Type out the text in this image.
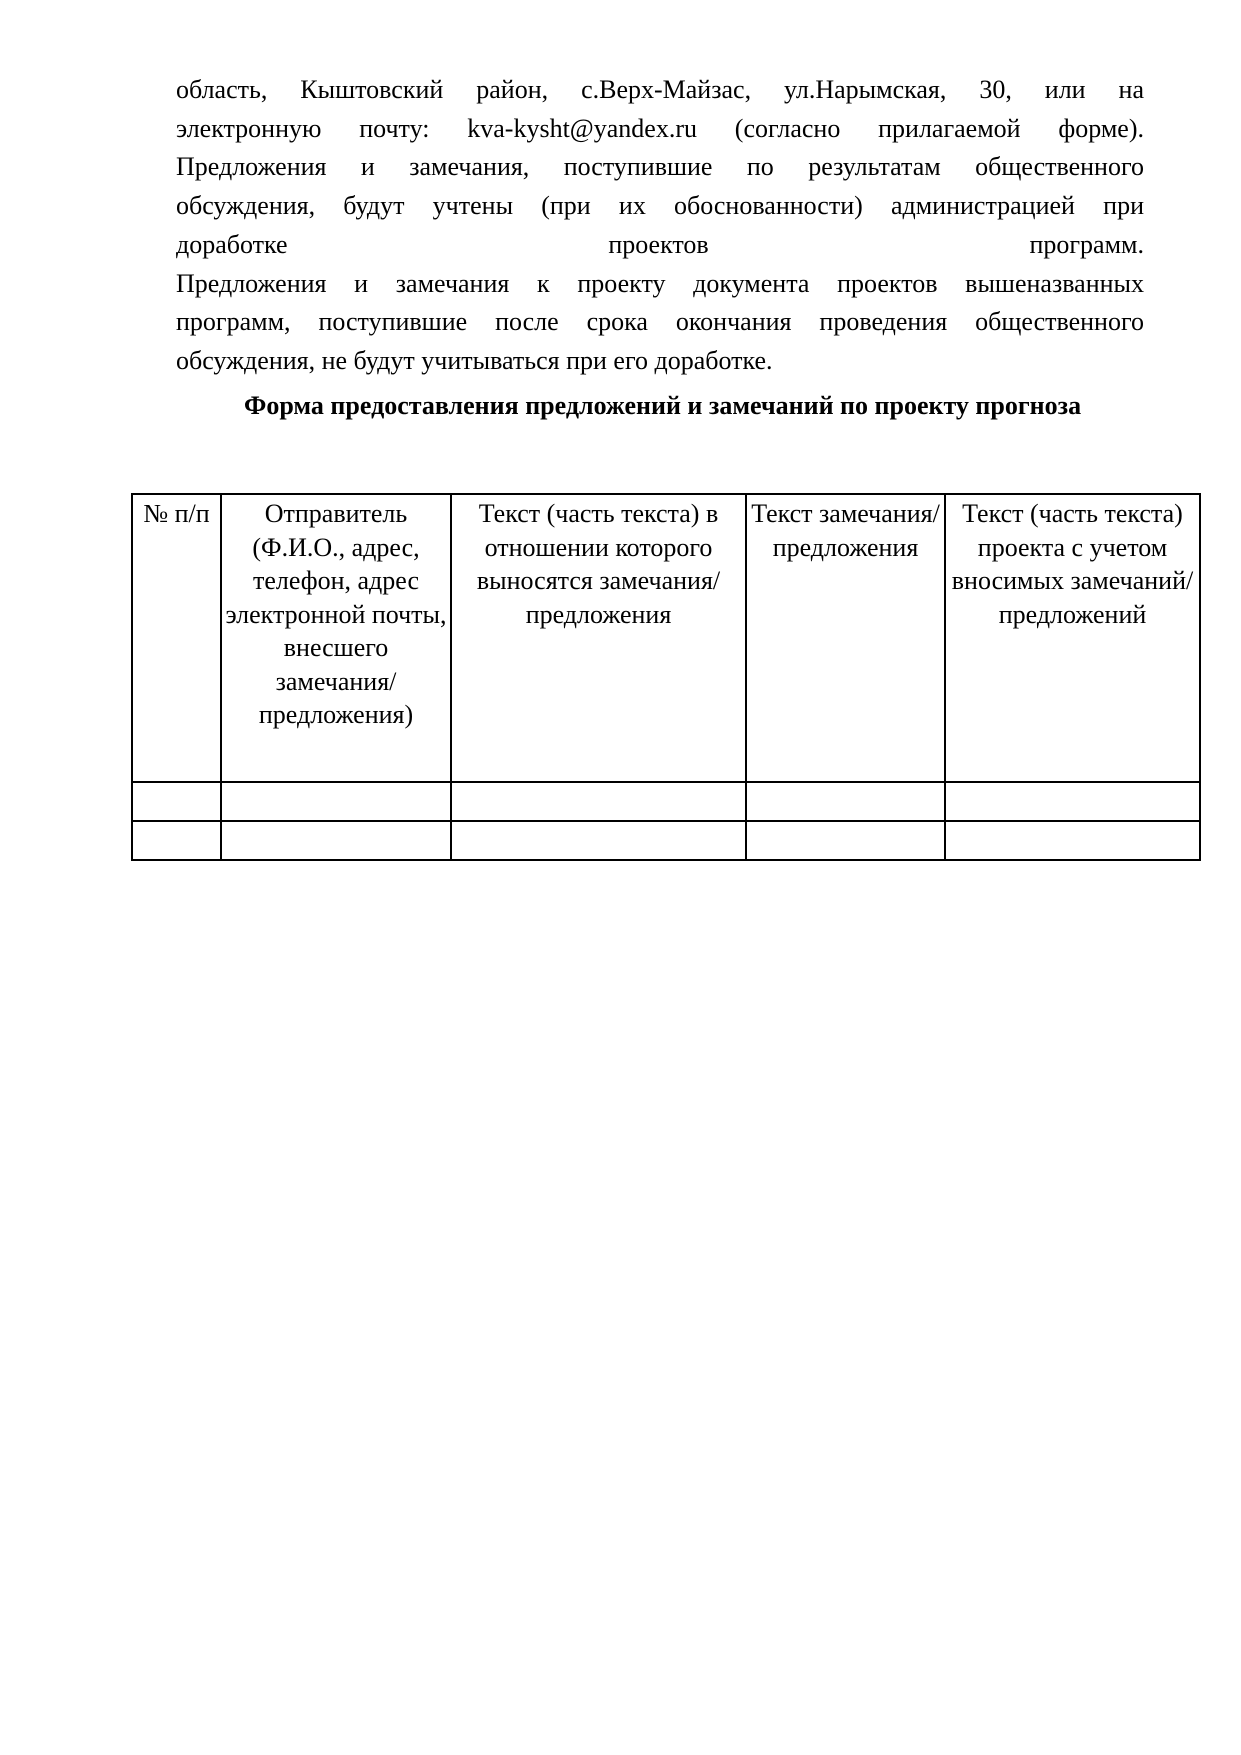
область, Кыштовский район, с.Верх-Майзас, ул.Нарымская, 30, или на

электронную почту: kva-kysht@yandex.ru (согласно прилагаемой форме).

Предложения и замечания, поступившие по результатам общественного

обсуждения, будут учтены (при их обоснованности) администрацией при

доработке проектов программ.

Предложения и замечания к проекту документа проектов вышеназванных

программ, поступившие после срока окончания проведения общественного

обсуждения, не будут учитываться при его доработке.

Форма предоставления предложений и замечаний по проекту прогноза
№ п/п	Отправитель (Ф.И.О., адрес, телефон, адрес электронной почты, внесшего замечания/ предложения)	Текст (часть текста) в отношении которого выносятся замечания/ предложения	Текст замечания/ предложения	Текст (часть текста) проекта с учетом вносимых замечаний/ предложений
